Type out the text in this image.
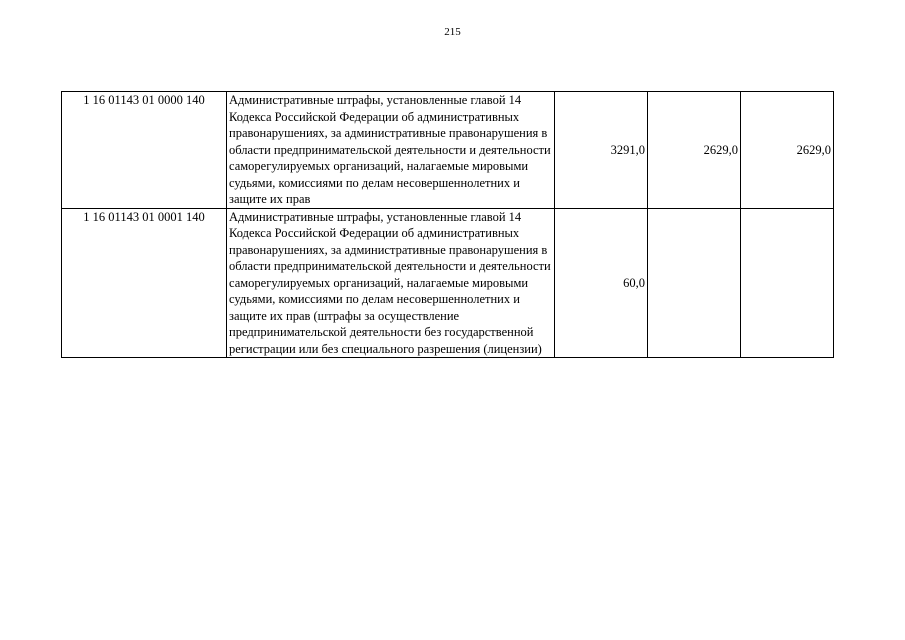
215
1 16 01143 01 0000 140	Административные штрафы, установленные главой 14 Кодекса Российской Федерации об административных правонарушениях, за административные правонарушения в области предпринимательской деятельности и деятельности саморегулируемых организаций, налагаемые мировыми судьями, комиссиями по делам несовершеннолетних и защите их прав	3291,0	2629,0	2629,0
1 16 01143 01 0001 140	Административные штрафы, установленные главой 14 Кодекса Российской Федерации об административных правонарушениях, за административные правонарушения в области предпринимательской деятельности и деятельности саморегулируемых организаций, налагаемые мировыми судьями, комиссиями по делам несовершеннолетних и защите их прав (штрафы за осуществление предпринимательской деятельности без государственной регистрации или без специального разрешения (лицензии)	60,0		
